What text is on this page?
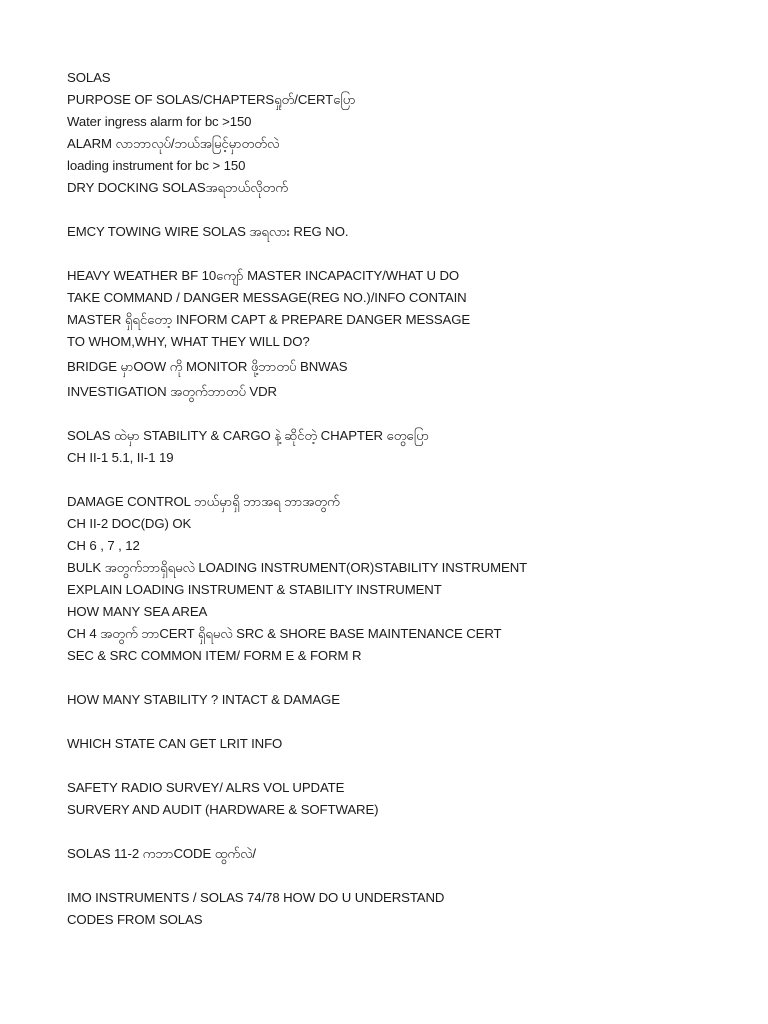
SOLAS
PURPOSE OF SOLAS/CHAPTERSရှုတ်/CERTပြော
Water ingress alarm for bc >150
ALARM လာဘာလုပ်/ဘယ်အမြင့်မှာတတ်လဲ
loading instrument for bc > 150
DRY DOCKING SOLASအရဘယ်လိုတက်
EMCY TOWING WIRE SOLAS အရလား REG NO.
HEAVY WEATHER BF 10ကျော် MASTER INCAPACITY/WHAT U DO
TAKE COMMAND / DANGER MESSAGE(REG NO.)/INFO CONTAIN
MASTER ရှိရင်တော့ INFORM CAPT & PREPARE DANGER MESSAGE
TO WHOM,WHY, WHAT THEY WILL DO?
BRIDGE မှာOOW ကို MONITOR ဖို့ဘာတပ် BNWAS
INVESTIGATION အတွက်ဘာတပ် VDR
SOLAS ထဲမှာ STABILITY & CARGO နဲ့ ဆိုင်တဲ့ CHAPTER တွေပြော
CH II-1 5.1, II-1 19
DAMAGE CONTROL ဘယ်မှာရှိ ဘာအရ ဘာအတွက်
CH II-2 DOC(DG) OK
CH 6 , 7 , 12
BULK အတွက်ဘာရှိရမလဲ LOADING INSTRUMENT(OR)STABILITY INSTRUMENT
EXPLAIN LOADING INSTRUMENT & STABILITY INSTRUMENT
HOW MANY SEA AREA
CH 4 အတွက် ဘာCERT ရှိရမလဲ SRC & SHORE BASE MAINTENANCE CERT
SEC & SRC COMMON ITEM/ FORM E & FORM R
HOW MANY STABILITY ? INTACT & DAMAGE
WHICH STATE CAN GET LRIT INFO
SAFETY RADIO SURVEY/ ALRS VOL UPDATE
SURVERY AND AUDIT (HARDWARE & SOFTWARE)
SOLAS 11-2 ကဘာCODE ထွက်လဲ/
IMO INSTRUMENTS / SOLAS 74/78 HOW DO U UNDERSTAND
CODES FROM SOLAS
